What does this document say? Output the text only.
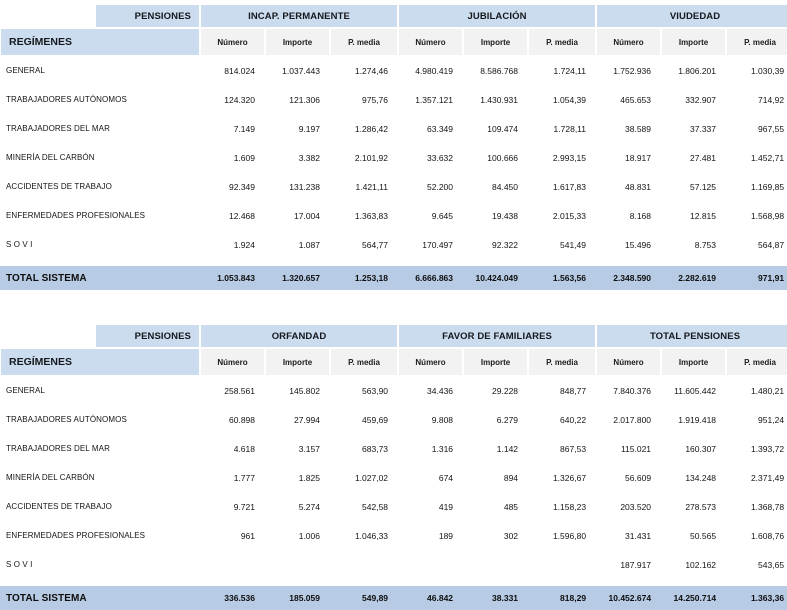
	PENSIONES	INCAP. PERMANENTE			JUBILACIÓN			VIUDEDAD		
REGÍMENES		Número	Importe	P. media	Número	Importe	P. media	Número	Importe	P. media
GENERAL		814.024	1.037.443	1.274,46	4.980.419	8.586.768	1.724,11	1.752.936	1.806.201	1.030,39
TRABAJADORES AUTÓNOMOS		124.320	121.306	975,76	1.357.121	1.430.931	1.054,39	465.653	332.907	714,92
TRABAJADORES DEL MAR		7.149	9.197	1.286,42	63.349	109.474	1.728,11	38.589	37.337	967,55
MINERÍA DEL CARBÓN		1.609	3.382	2.101,92	33.632	100.666	2.993,15	18.917	27.481	1.452,71
ACCIDENTES DE TRABAJO		92.349	131.238	1.421,11	52.200	84.450	1.617,83	48.831	57.125	1.169,85
ENFERMEDADES PROFESIONALES		12.468	17.004	1.363,83	9.645	19.438	2.015,33	8.168	12.815	1.568,98
S O V I		1.924	1.087	564,77	170.497	92.322	541,49	15.496	8.753	564,87

TOTAL SISTEMA		1.053.843	1.320.657	1.253,18	6.666.863	10.424.049	1.563,56	2.348.590	2.282.619	971,91
	PENSIONES	ORFANDAD			FAVOR DE FAMILIARES			TOTAL PENSIONES		
REGÍMENES		Número	Importe	P. media	Número	Importe	P. media	Número	Importe	P. media
GENERAL		258.561	145.802	563,90	34.436	29.228	848,77	7.840.376	11.605.442	1.480,21
TRABAJADORES AUTÓNOMOS		60.898	27.994	459,69	9.808	6.279	640,22	2.017.800	1.919.418	951,24
TRABAJADORES DEL MAR		4.618	3.157	683,73	1.316	1.142	867,53	115.021	160.307	1.393,72
MINERÍA DEL CARBÓN		1.777	1.825	1.027,02	674	894	1.326,67	56.609	134.248	2.371,49
ACCIDENTES DE TRABAJO		9.721	5.274	542,58	419	485	1.158,23	203.520	278.573	1.368,78
ENFERMEDADES PROFESIONALES		961	1.006	1.046,33	189	302	1.596,80	31.431	50.565	1.608,76
S O V I								187.917	102.162	543,65

TOTAL SISTEMA		336.536	185.059	549,89	46.842	38.331	818,29	10.452.674	14.250.714	1.363,36
